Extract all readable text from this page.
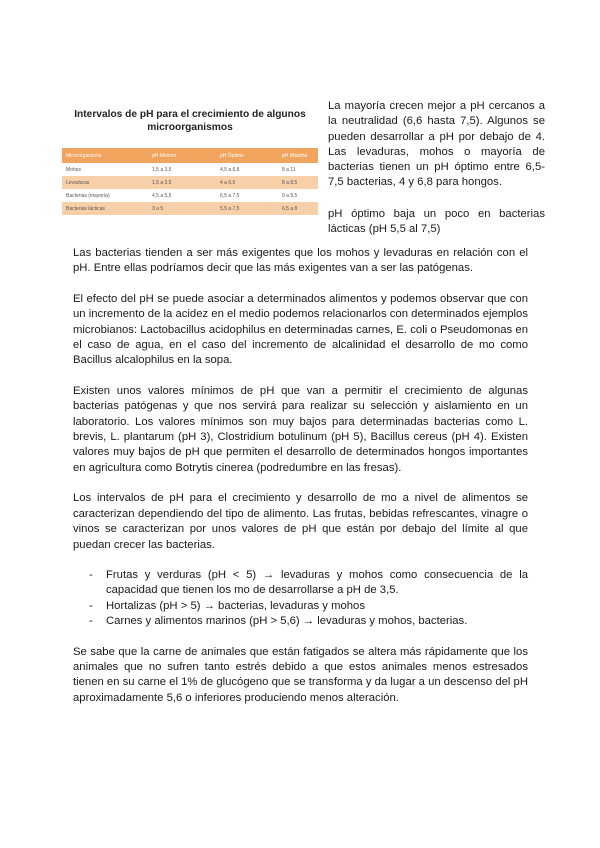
Intervalos de pH para el crecimiento de algunos microorganismos
Microorganismo	pH Mínimo	pH Óptimo	pH Máximo
Mohos	1,5 a 3,5	4,5 a 6,8	8 a 11
Levaduras	1,5 a 3,5	4 a 6,5	8 a 8,5
Bacterias (mayoría)	4,5 a 5,5	6,5 a 7,5	9 a 9,5
Bacterias lácticas	3 a 5	5,5 a 7,5	6,5 a 8

La mayoría crecen mejor a pH cercanos a la neutralidad (6,6 hasta 7,5). Algunos se pueden desarrollar a pH por debajo de 4. Las levaduras, mohos o mayoría de bacterias tienen un pH óptimo entre 6,5-7,5 bacterias, 4 y 6,8 para hongos.

pH óptimo baja un poco en bacterias lácticas (pH 5,5 al 7,5)

Las bacterias tienden a ser más exigentes que los mohos y levaduras en relación con el pH. Entre ellas podríamos decir que las más exigentes van a ser las patógenas.

El efecto del pH se puede asociar a determinados alimentos y podemos observar que con un incremento de la acidez en el medio podemos relacionarlos con determinados ejemplos microbianos: Lactobacillus acidophilus en determinadas carnes, E. coli o Pseudomonas en el caso de agua, en el caso del incremento de alcalinidad el desarrollo de mo como Bacillus alcalophilus en la sopa.

Existen unos valores mínimos de pH que van a permitir el crecimiento de algunas bacterias patógenas y que nos servirá para realizar su selección y aislamiento en un laboratorio. Los valores mínimos son muy bajos para determinadas bacterias como L. brevis, L. plantarum (pH 3), Clostridium botulinum (pH 5), Bacillus cereus (pH 4). Existen valores muy bajos de pH que permiten el desarrollo de determinados hongos importantes en agricultura como Botrytis cinerea (podredumbre en las fresas).

Los intervalos de pH para el crecimiento y desarrollo de mo a nivel de alimentos se caracterizan dependiendo del tipo de alimento. Las frutas, bebidas refrescantes, vinagre o vinos se caracterizan por unos valores de pH que están por debajo del límite al que puedan crecer las bacterias.

- Frutas y verduras (pH < 5) → levaduras y mohos como consecuencia de la capacidad que tienen los mo de desarrollarse a pH de 3,5.
- Hortalizas (pH > 5) → bacterias, levaduras y mohos
- Carnes y alimentos marinos (pH > 5,6) → levaduras y mohos, bacterias.

Se sabe que la carne de animales que están fatigados se altera más rápidamente que los animales que no sufren tanto estrés debido a que estos animales menos estresados tienen en su carne el 1% de glucógeno que se transforma y da lugar a un descenso del pH aproximadamente 5,6 o inferiores produciendo menos alteración.
